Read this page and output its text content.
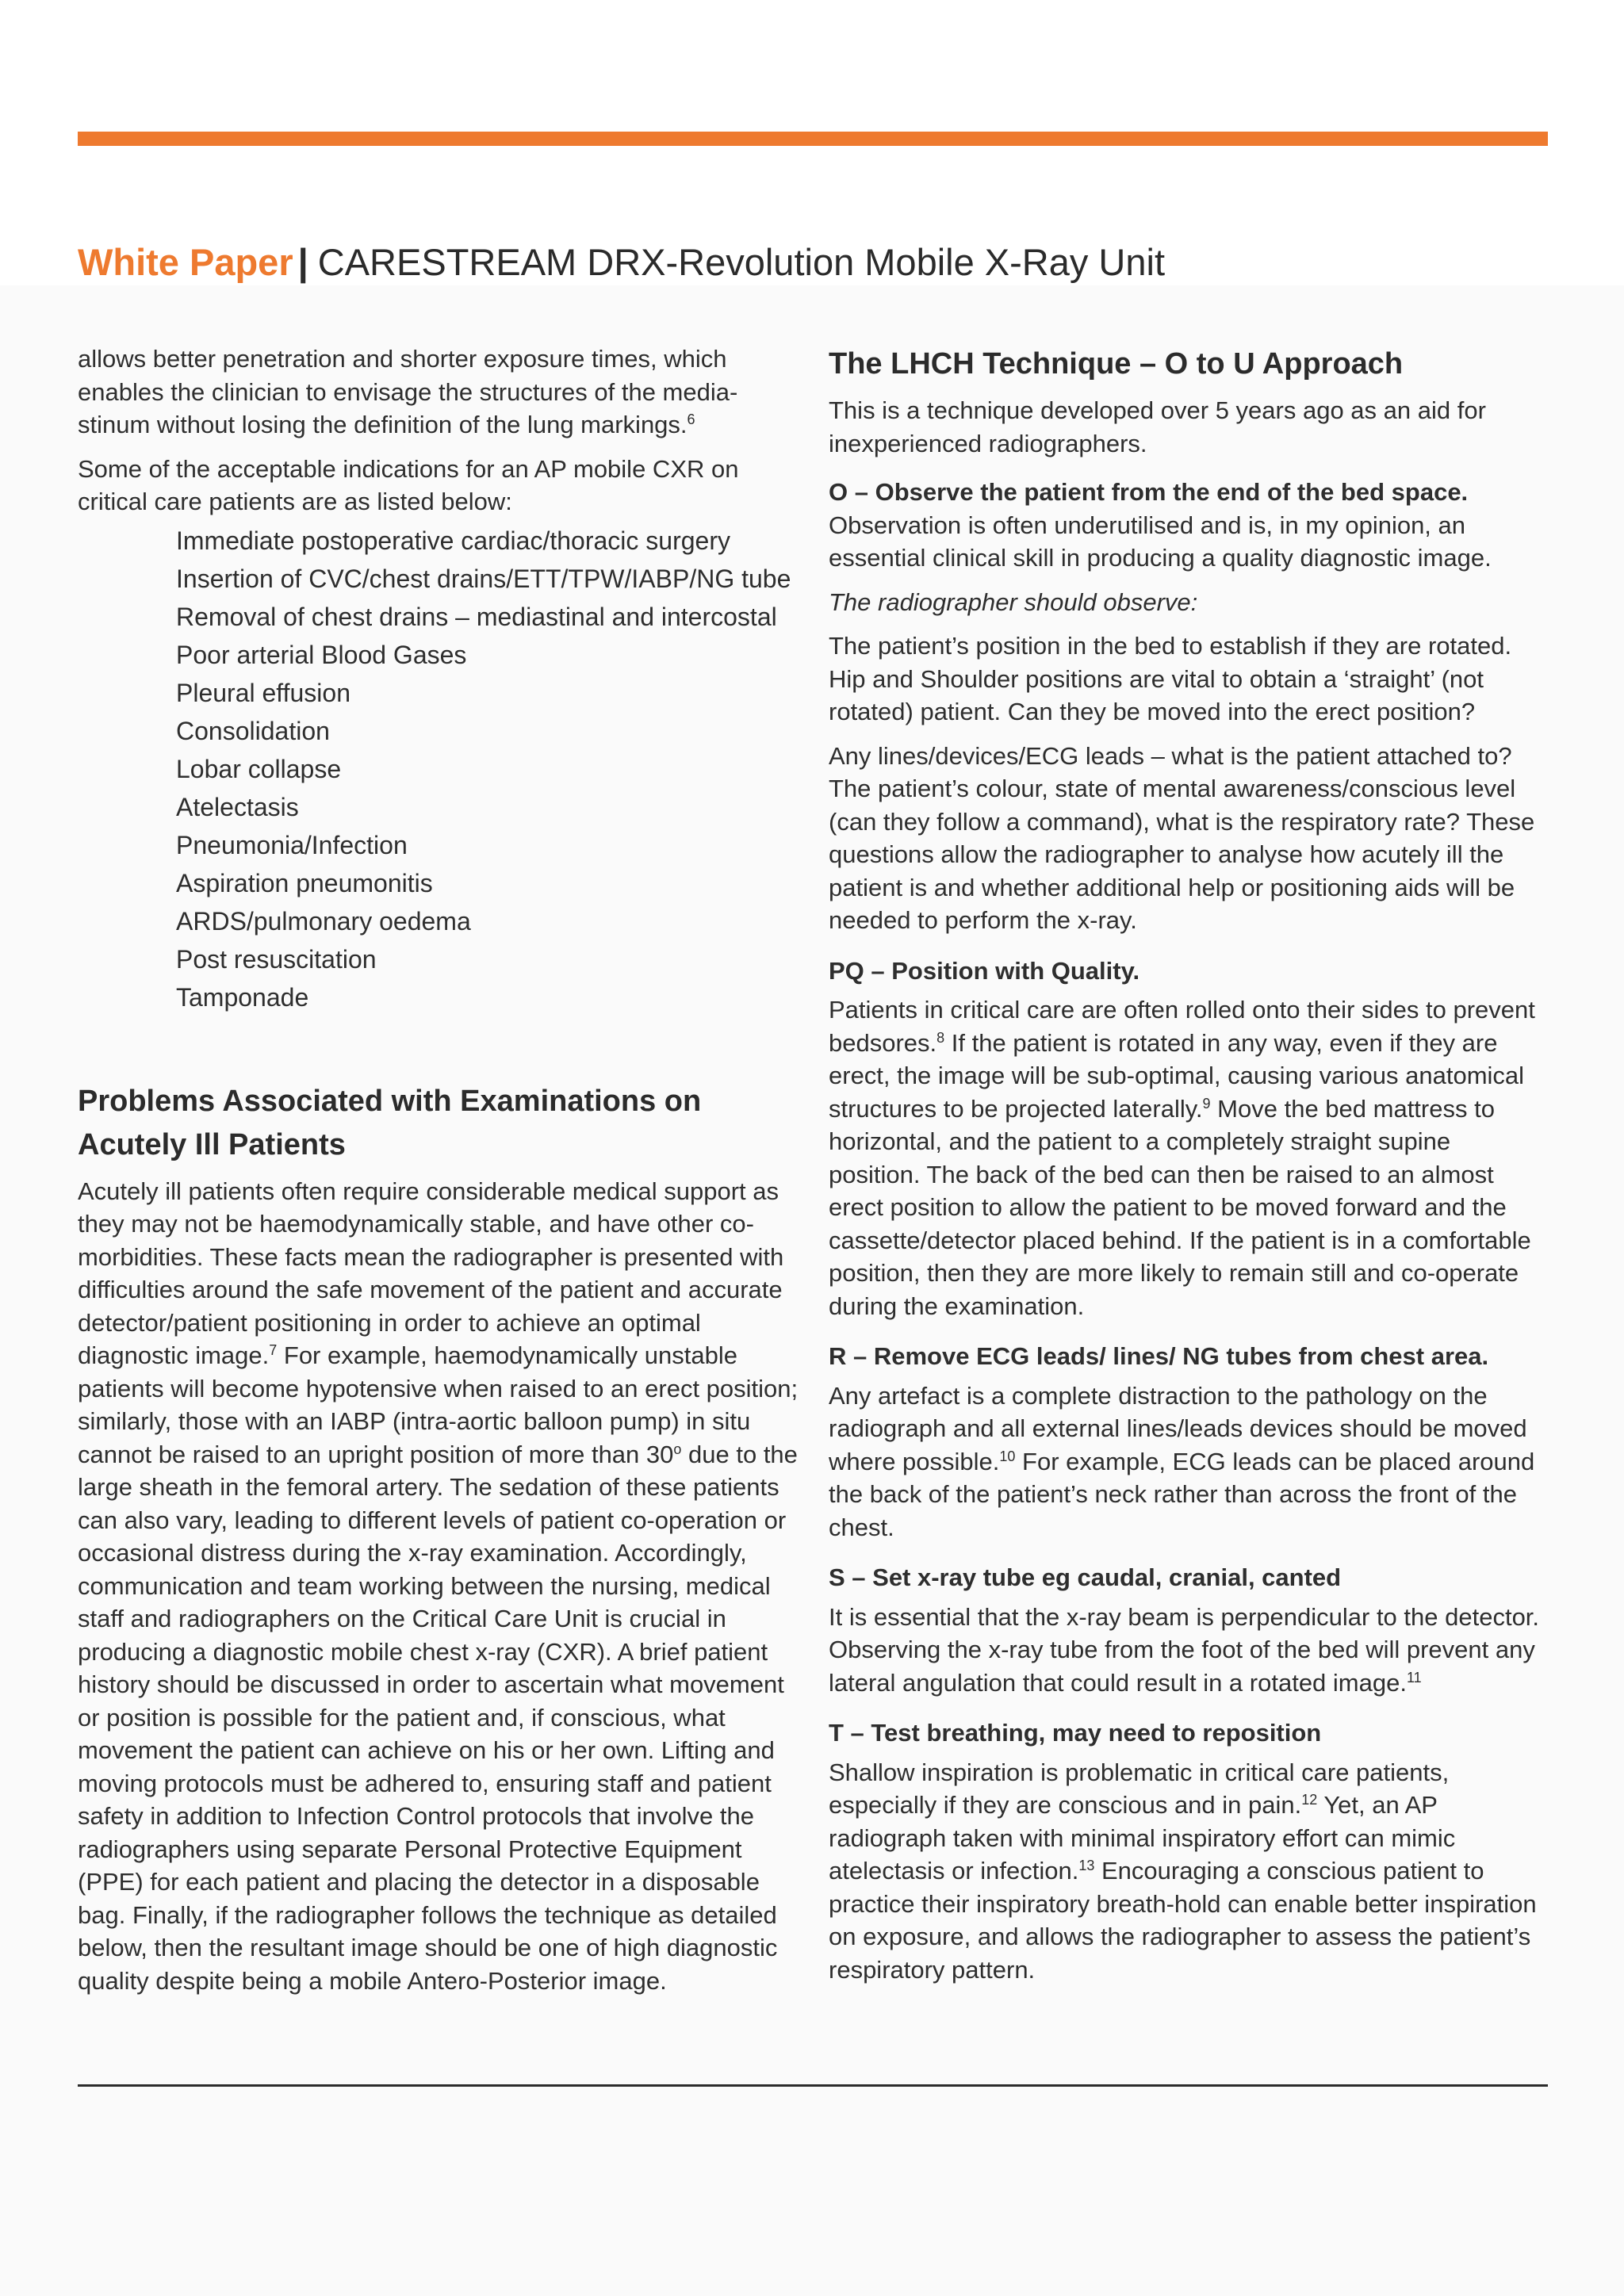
White Paper | CARESTREAM DRX-Revolution Mobile X-Ray Unit

allows better penetration and shorter exposure times, which enables the clinician to envisage the structures of the media-stinum without losing the definition of the lung markings.$^6$

Some of the acceptable indications for an AP mobile CXR on critical care patients are as listed below:

Immediate postoperative cardiac/thoracic surgery
Insertion of CVC/chest drains/ETT/TPW/IABP/NG tube
Removal of chest drains – mediastinal and intercostal
Poor arterial Blood Gases
Pleural effusion
Consolidation
Lobar collapse
Atelectasis
Pneumonia/Infection
Aspiration pneumonitis
ARDS/pulmonary oedema
Post resuscitation
Tamponade
Problems Associated with Examinations on Acutely Ill Patients

Acutely ill patients often require considerable medical support as they may not be haemodynamically stable, and have other co-morbidities. These facts mean the radiographer is presented with difficulties around the safe movement of the patient and accurate detector/patient positioning in order to achieve an optimal diagnostic image.$^7$ For example, haemodynamically unstable patients will become hypotensive when raised to an erect position; similarly, those with an IABP (intra-aortic balloon pump) in situ cannot be raised to an upright position of more than 30$^o$ due to the large sheath in the femoral artery. The sedation of these patients can also vary, leading to different levels of patient co-operation or occasional distress during the x-ray examination. Accordingly, communication and team working between the nursing, medical staff and radiographers on the Critical Care Unit is crucial in producing a diagnostic mobile chest x-ray (CXR). A brief patient history should be discussed in order to ascertain what movement or position is possible for the patient and, if conscious, what movement the patient can achieve on his or her own. Lifting and moving protocols must be adhered to, ensuring staff and patient safety in addition to Infection Control protocols that involve the radiographers using separate Personal Protective Equipment (PPE) for each patient and placing the detector in a disposable bag. Finally, if the radiographer follows the technique as detailed below, then the resultant image should be one of high diagnostic quality despite being a mobile Antero-Posterior image.

The LHCH Technique – O to U Approach

This is a technique developed over 5 years ago as an aid for inexperienced radiographers.

O – Observe the patient from the end of the bed space.

Observation is often underutilised and is, in my opinion, an essential clinical skill in producing a quality diagnostic image.

The radiographer should observe:

The patient’s position in the bed to establish if they are rotated. Hip and Shoulder positions are vital to obtain a ‘straight’ (not rotated) patient. Can they be moved into the erect position?

Any lines/devices/ECG leads – what is the patient attached to? The patient’s colour, state of mental awareness/conscious level (can they follow a command), what is the respiratory rate? These questions allow the radiographer to analyse how acutely ill the patient is and whether additional help or positioning aids will be needed to perform the x-ray.

PQ – Position with Quality.

Patients in critical care are often rolled onto their sides to prevent bedsores.$^8$ If the patient is rotated in any way, even if they are erect, the image will be sub-optimal, causing various anatomical structures to be projected laterally.$^9$ Move the bed mattress to horizontal, and the patient to a completely straight supine position. The back of the bed can then be raised to an almost erect position to allow the patient to be moved forward and the cassette/detector placed behind. If the patient is in a comfortable position, then they are more likely to remain still and co-operate during the examination.

R – Remove ECG leads/ lines/ NG tubes from chest area.

Any artefact is a complete distraction to the pathology on the radiograph and all external lines/leads devices should be moved where possible.$^{10}$ For example, ECG leads can be placed around the back of the patient’s neck rather than across the front of the chest.

S – Set x-ray tube eg caudal, cranial, canted

It is essential that the x-ray beam is perpendicular to the detector. Observing the x-ray tube from the foot of the bed will prevent any lateral angulation that could result in a rotated image.$^{11}$

T – Test breathing, may need to reposition

Shallow inspiration is problematic in critical care patients, especially if they are conscious and in pain.$^{12}$ Yet, an AP radiograph taken with minimal inspiratory effort can mimic atelectasis or infection.$^{13}$ Encouraging a conscious patient to practice their inspiratory breath-hold can enable better inspiration on exposure, and allows the radiographer to assess the patient’s respiratory pattern.
